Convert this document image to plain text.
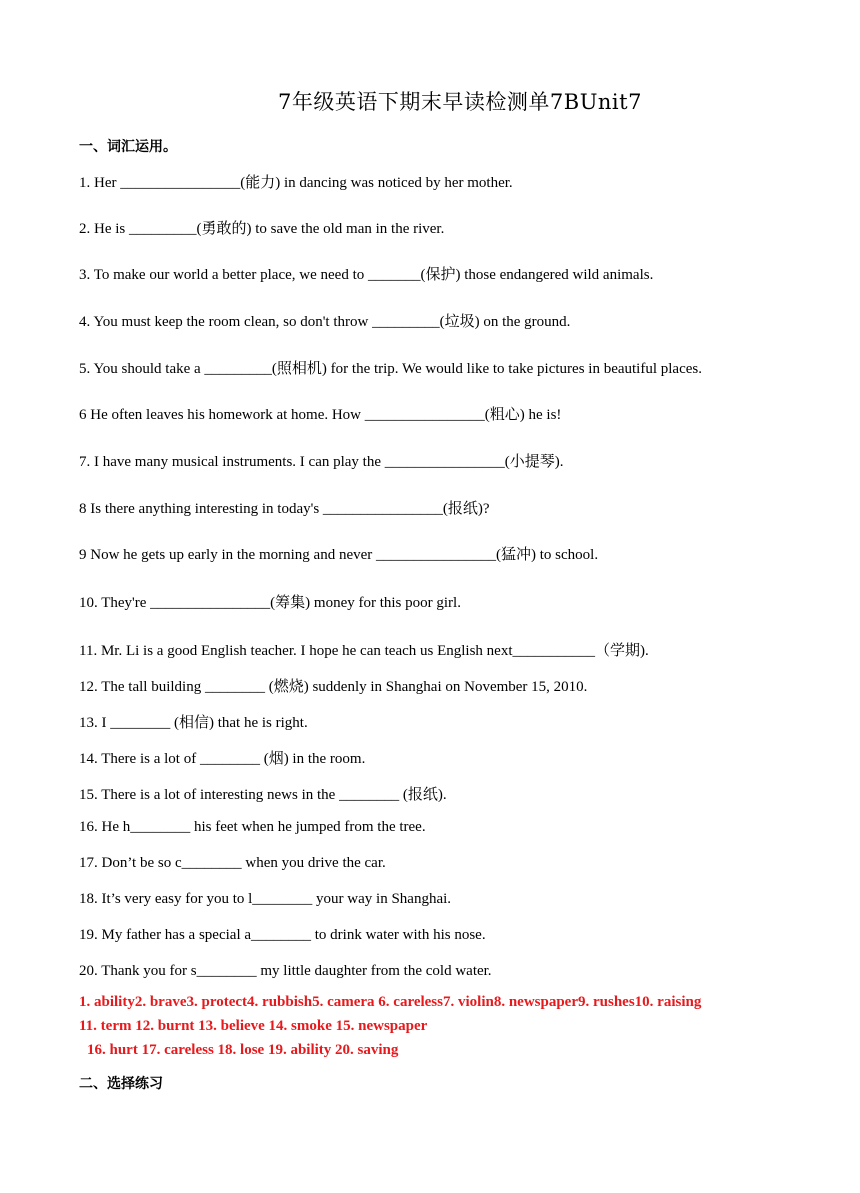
7年级英语下期末早读检测单7BUnit7
一、词汇运用。
1. Her ________________(能力) in dancing was noticed by her mother.
2. He is _________(勇敢的) to save the old man in the river.
3. To make our world a better place, we need to _______(保护) those endangered wild animals.
4. You must keep the room clean, so don't throw _________(垃圾) on the ground.
5. You should take a _________(照相机) for the trip. We would like to take pictures in beautiful places.
6 He often leaves his homework at home. How ________________(粗心) he is!
7. I have many musical instruments. I can play the ________________(小提琴).
8 Is there anything interesting in today's ________________(报纸)?
9 Now he gets up early in the morning and never ________________(猛冲) to school.
10. They're ________________(筹集) money for this poor girl.
11. Mr. Li is a good English teacher. I hope he can teach us English next___________（学期).
12. The tall building ________ (燃烧) suddenly in Shanghai on November 15, 2010.
13. I ________ (相信) that he is right.
14. There is a lot of ________ (烟) in the room.
15. There is a lot of interesting news in the ________ (报纸).
16. He h________ his feet when he jumped from the tree.
17. Don’t be so c________ when you drive the car.
18. It’s very easy for you to l________ your way in Shanghai.
19. My father has a special a________ to drink water with his nose.
20. Thank you for s________ my little daughter from the cold water.
1. ability2. brave3. protect4. rubbish5. camera 6. careless7. violin8. newspaper9. rushes10. raising
11. term 12. burnt 13. believe 14. smoke 15. newspaper
16. hurt 17. careless 18. lose 19. ability 20. saving
二、选择练习
